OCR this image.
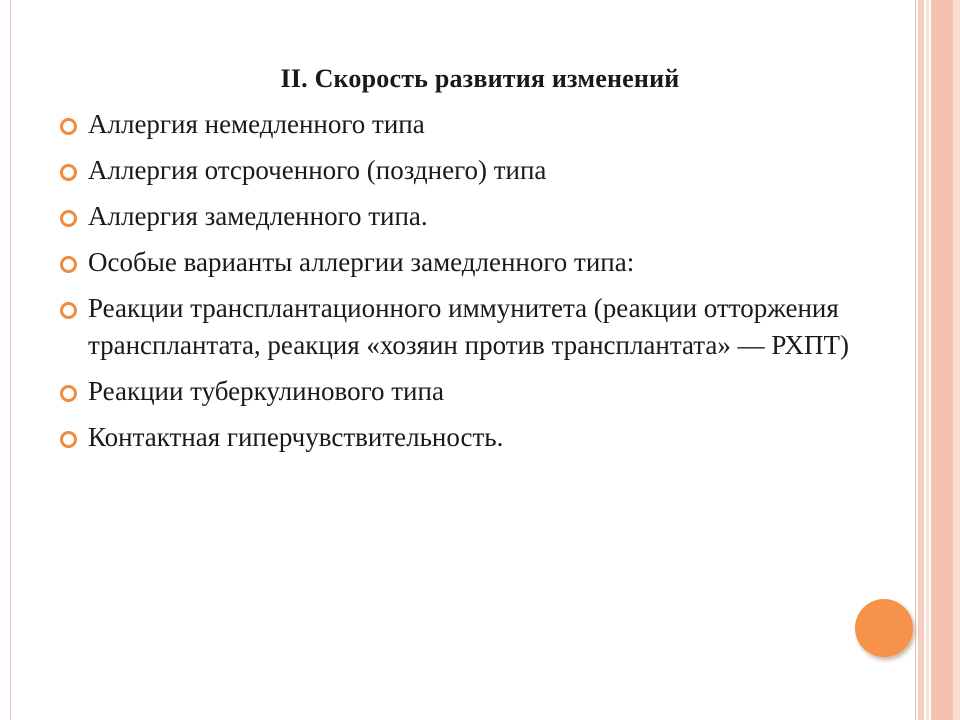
II. Скорость развития изменений
Аллергия немедленного типа
Аллергия отсроченного (позднего) типа
Аллергия замедленного типа.
Особые варианты аллергии замедленного типа:
Реакции трансплантационного иммунитета (реакции отторжения трансплантата, реакция «хозяин против трансплантата» — РХПТ)
Реакции туберкулинового типа
Контактная гиперчувствительность.
